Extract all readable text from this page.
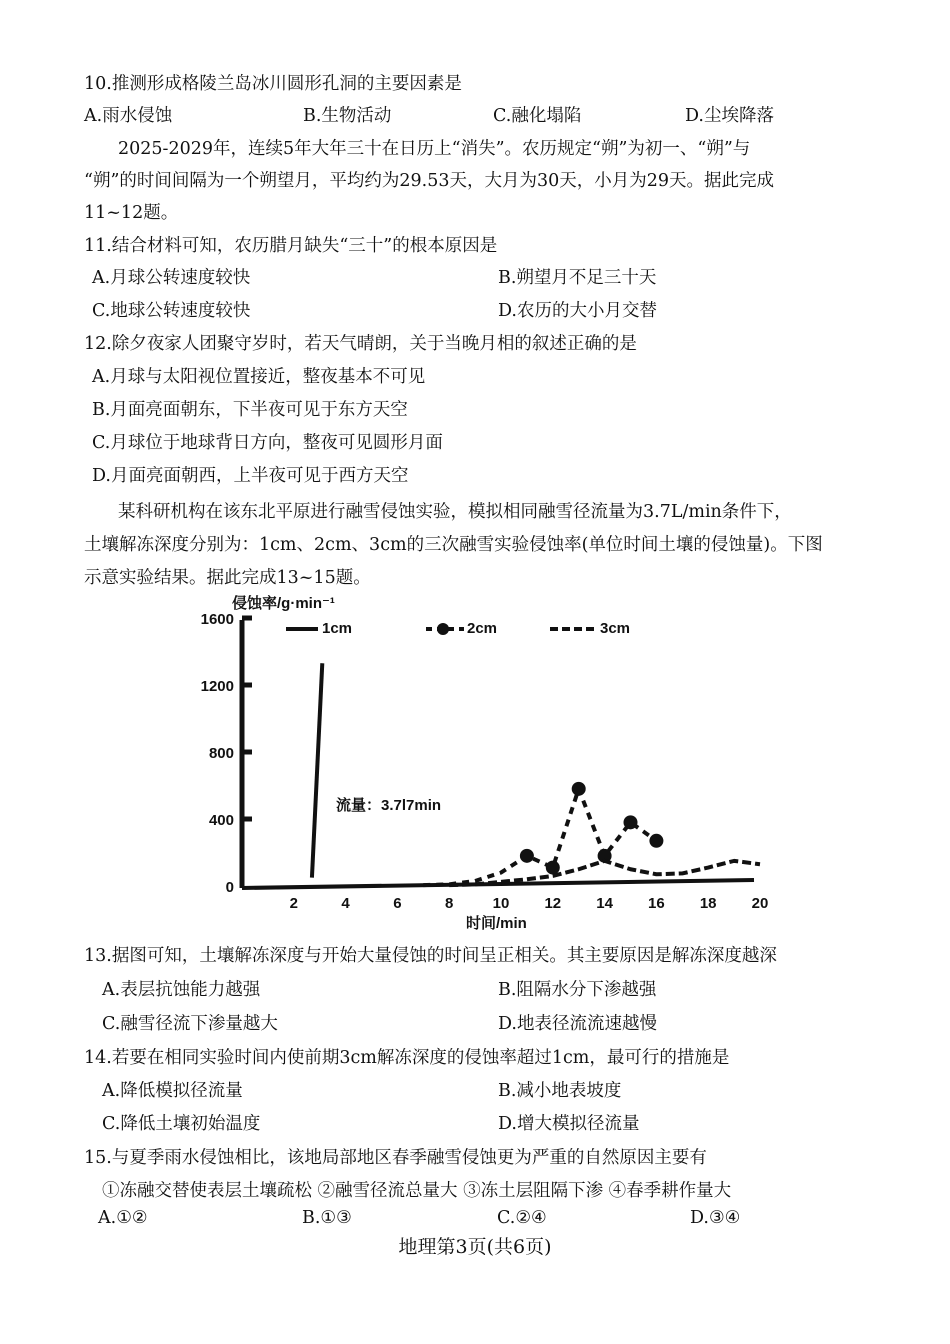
10.推测形成格陵兰岛冰川圆形孔洞的主要因素是
A.雨水侵蚀	B.生物活动	C.融化塌陷	D.尘埃降落
2025-2029年，连续5年大年三十在日历上“消失”。农历规定“朔”为初一、“朔”与
“朔”的时间间隔为一个朔望月，平均约为29.53天，大月为30天，小月为29天。据此完成
11~12题。
11.结合材料可知，农历腊月缺失“三十”的根本原因是
A.月球公转速度较快	B.朔望月不足三十天
C.地球公转速度较快	D.农历的大小月交替
12.除夕夜家人团聚守岁时，若天气晴朗，关于当晚月相的叙述正确的是
A.月球与太阳视位置接近，整夜基本不可见
B.月面亮面朝东，下半夜可见于东方天空
C.月球位于地球背日方向，整夜可见圆形月面
D.月面亮面朝西，上半夜可见于西方天空
某科研机构在该东北平原进行融雪侵蚀实验，模拟相同融雪径流量为3.7L/min条件下，
土壤解冻深度分别为：1cm、2cm、3cm的三次融雪实验侵蚀率(单位时间土壤的侵蚀量)。下图
示意实验结果。据此完成13~15题。
侵蚀率/g·min⁻¹
时间/min
流量：3.7l7min
0
400
800
1200
1600
2	4	6	8	10 12 14 16 18 20
1cm	2cm	3cm
13.据图可知，土壤解冻深度与开始大量侵蚀的时间呈正相关。其主要原因是解冻深度越深
A.表层抗蚀能力越强	B.阻隔水分下渗越强
C.融雪径流下渗量越大	D.地表径流流速越慢
14.若要在相同实验时间内使前期3cm解冻深度的侵蚀率超过1cm，最可行的措施是
A.降低模拟径流量	B.减小地表坡度
C.降低土壤初始温度	D.增大模拟径流量
15.与夏季雨水侵蚀相比，该地局部地区春季融雪侵蚀更为严重的自然原因主要有
①冻融交替使表层土壤疏松 ②融雪径流总量大 ③冻土层阻隔下渗 ④春季耕作量大
A.①②	B.①③	C.②④	D.③④
地理第3页(共6页)
